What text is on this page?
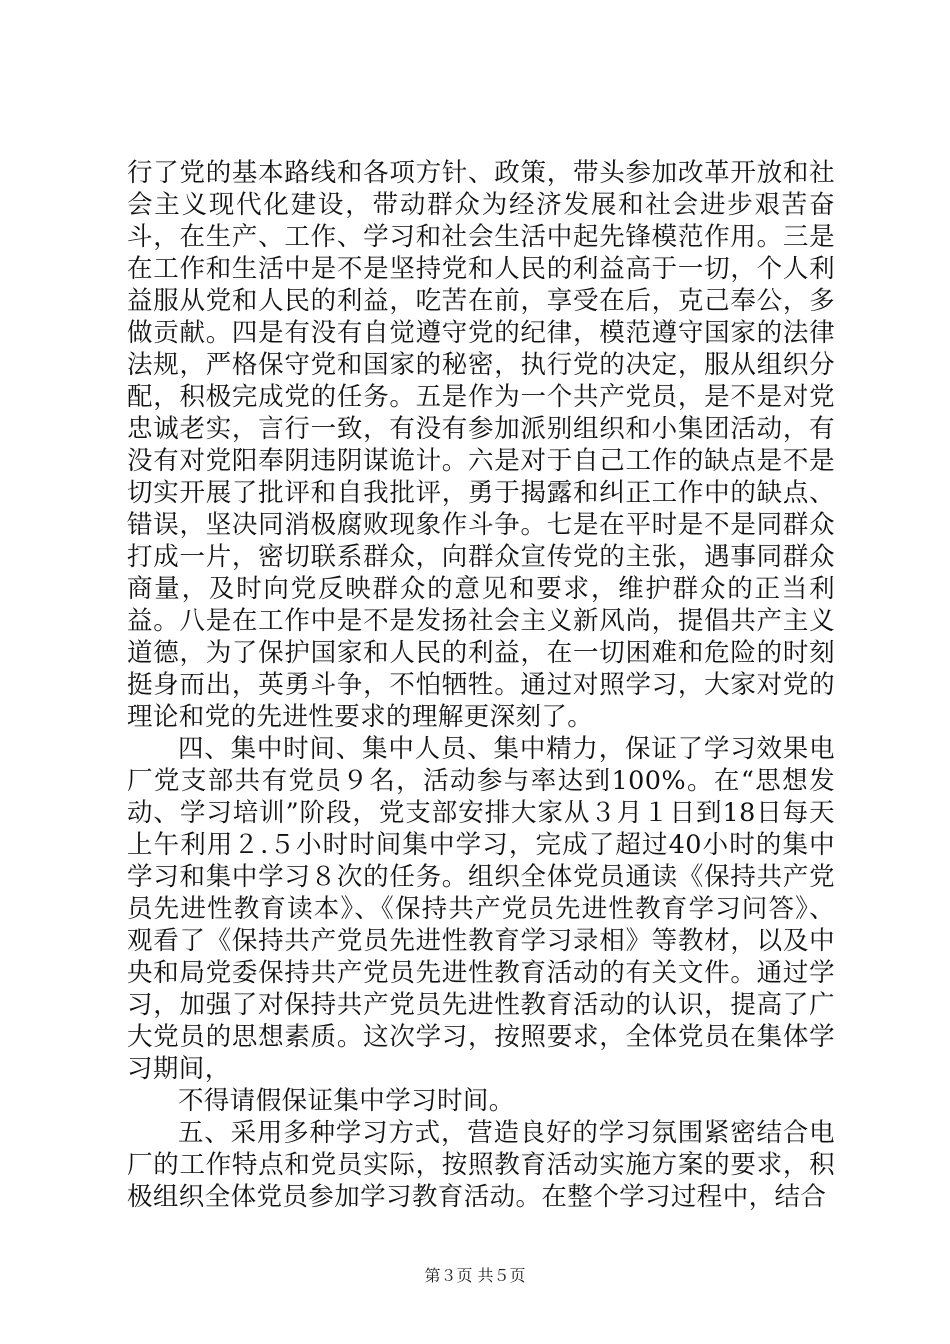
行了党的基本路线和各项方针、政策，带头参加改革开放和社会主义现代化建设，带动群众为经济发展和社会进步艰苦奋斗，在生产、工作、学习和社会生活中起先锋模范作用。三是在工作和生活中是不是坚持党和人民的利益高于一切，个人利益服从党和人民的利益，吃苦在前，享受在后，克己奉公，多做贡献。四是有没有自觉遵守党的纪律，模范遵守国家的法律法规，严格保守党和国家的秘密，执行党的决定，服从组织分配，积极完成党的任务。五是作为一个共产党员，是不是对党忠诚老实，言行一致，有没有参加派别组织和小集团活动，有没有对党阳奉阴违阴谋诡计。六是对于自己工作的缺点是不是切实开展了批评和自我批评，勇于揭露和纠正工作中的缺点、错误，坚决同消极腐败现象作斗争。七是在平时是不是同群众打成一片，密切联系群众，向群众宣传党的主张，遇事同群众商量，及时向党反映群众的意见和要求，维护群众的正当利益。八是在工作中是不是发扬社会主义新风尚，提倡共产主义道德，为了保护国家和人民的利益，在一切困难和危险的时刻挺身而出，英勇斗争，不怕牺牲。通过对照学习，大家对党的理论和党的先进性要求的理解更深刻了。

四、集中时间、集中人员、集中精力，保证了学习效果电厂党支部共有党员９名，活动参与率达到100%。在“思想发动、学习培训”阶段，党支部安排大家从３月１日到18日每天上午利用２.５小时时间集中学习，完成了超过40小时的集中学习和集中学习８次的任务。组织全体党员通读《保持共产党员先进性教育读本》、《保持共产党员先进性教育学习问答》、观看了《保持共产党员先进性教育学习录相》等教材，以及中央和局党委保持共产党员先进性教育活动的有关文件。通过学习，加强了对保持共产党员先进性教育活动的认识，提高了广大党员的思想素质。这次学习，按照要求，全体党员在集体学习期间，

不得请假保证集中学习时间。

五、采用多种学习方式，营造良好的学习氛围紧密结合电厂的工作特点和党员实际，按照教育活动实施方案的要求，积极组织全体党员参加学习教育活动。在整个学习过程中，结合

第３页 共５页
